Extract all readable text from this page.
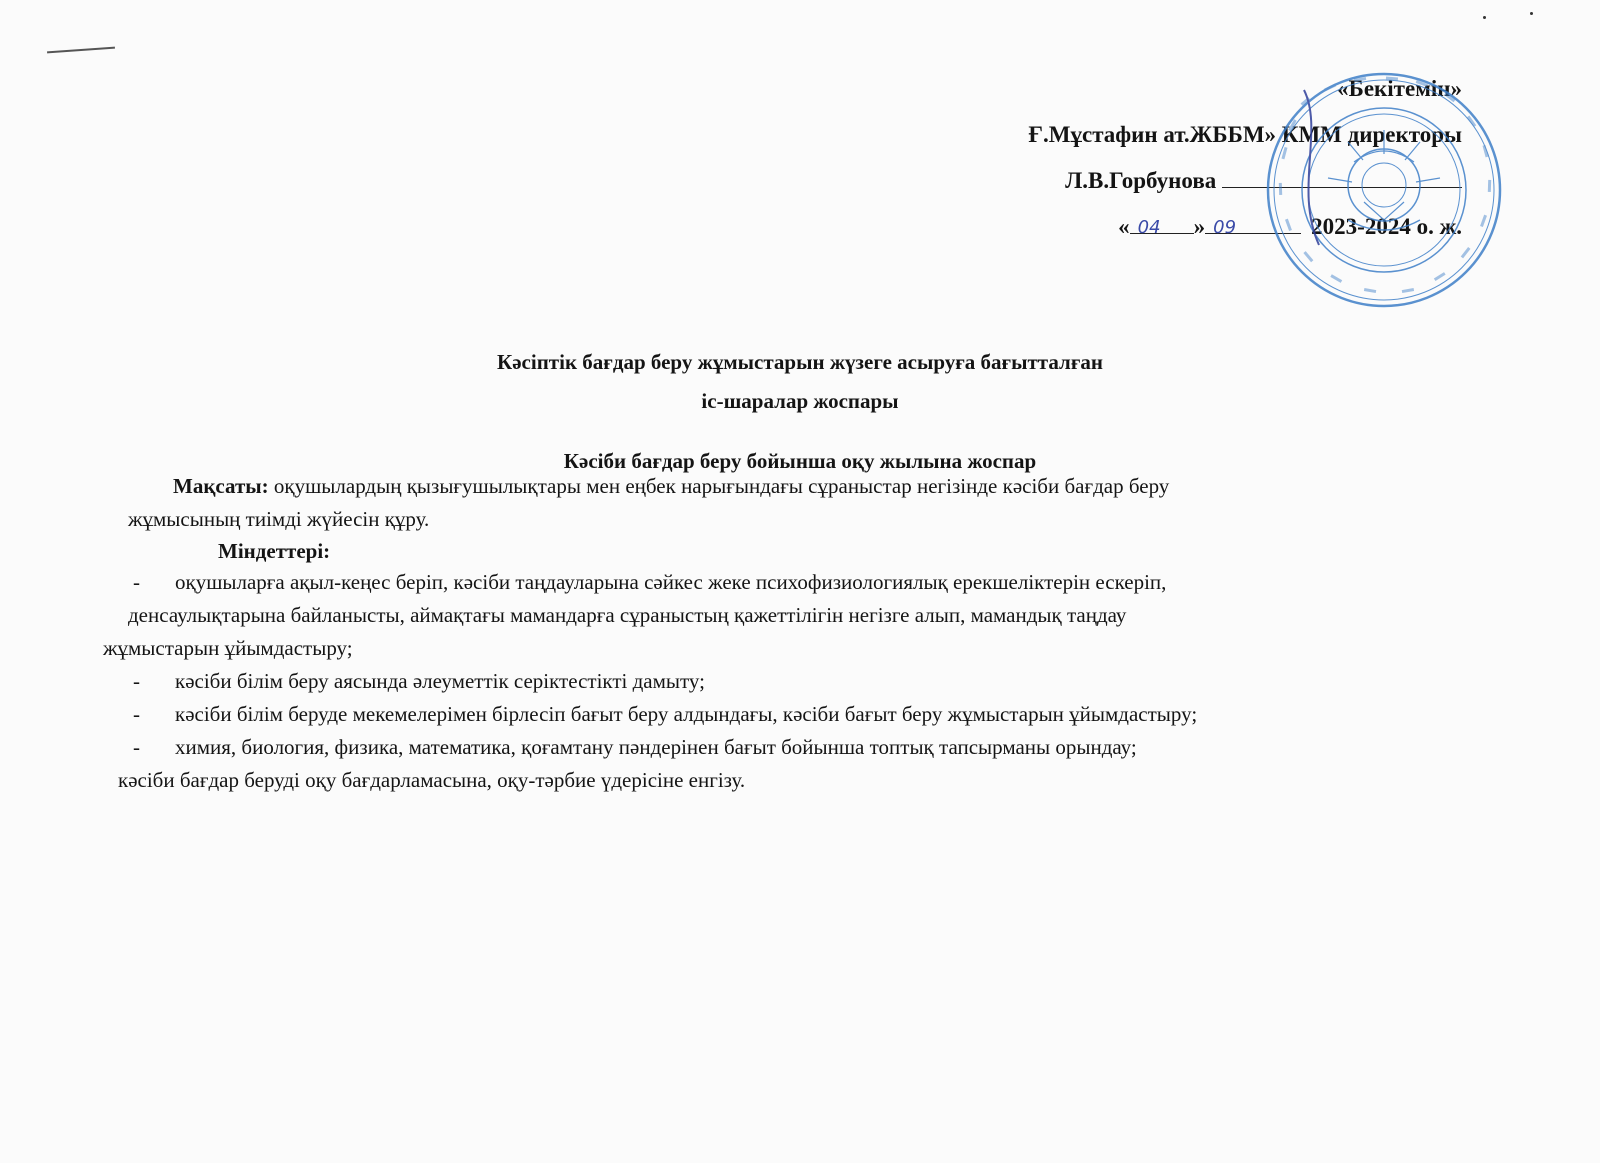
«Бекітемін»
Ғ.Мұстафин ат.ЖББМ» КММ директоры
Л.В.Горбунова
« 04 » 09	2023-2024 о. ж.
Кәсіптік бағдар беру жұмыстарын жүзеге асыруға бағытталған
іс-шаралар жоспары
Кәсіби бағдар беру бойынша оқу жылына жоспар

Мақсаты: оқушылардың қызығушылықтары мен еңбек нарығындағы сұраныстар негізінде кәсіби бағдар беру

жұмысының тиімді жүйесін құру.

Міндеттері:

- оқушыларға ақыл-кеңес беріп, кәсіби таңдауларына сәйкес жеке психофизиологиялық ерекшеліктерін ескеріп,

денсаулықтарына байланысты, аймақтағы мамандарға сұраныстың қажеттілігін негізге алып, мамандық таңдау

жұмыстарын ұйымдастыру;

- кәсіби білім беру аясында әлеуметтік серіктестікті дамыту;

- кәсіби білім беруде мекемелерімен бірлесіп бағыт беру алдындағы, кәсіби бағыт беру жұмыстарын ұйымдастыру;

- химия, биология, физика, математика, қоғамтану пәндерінен бағыт бойынша топтық тапсырманы орындау;

кәсіби бағдар беруді оқу бағдарламасына, оқу-тәрбие үдерісіне енгізу.
